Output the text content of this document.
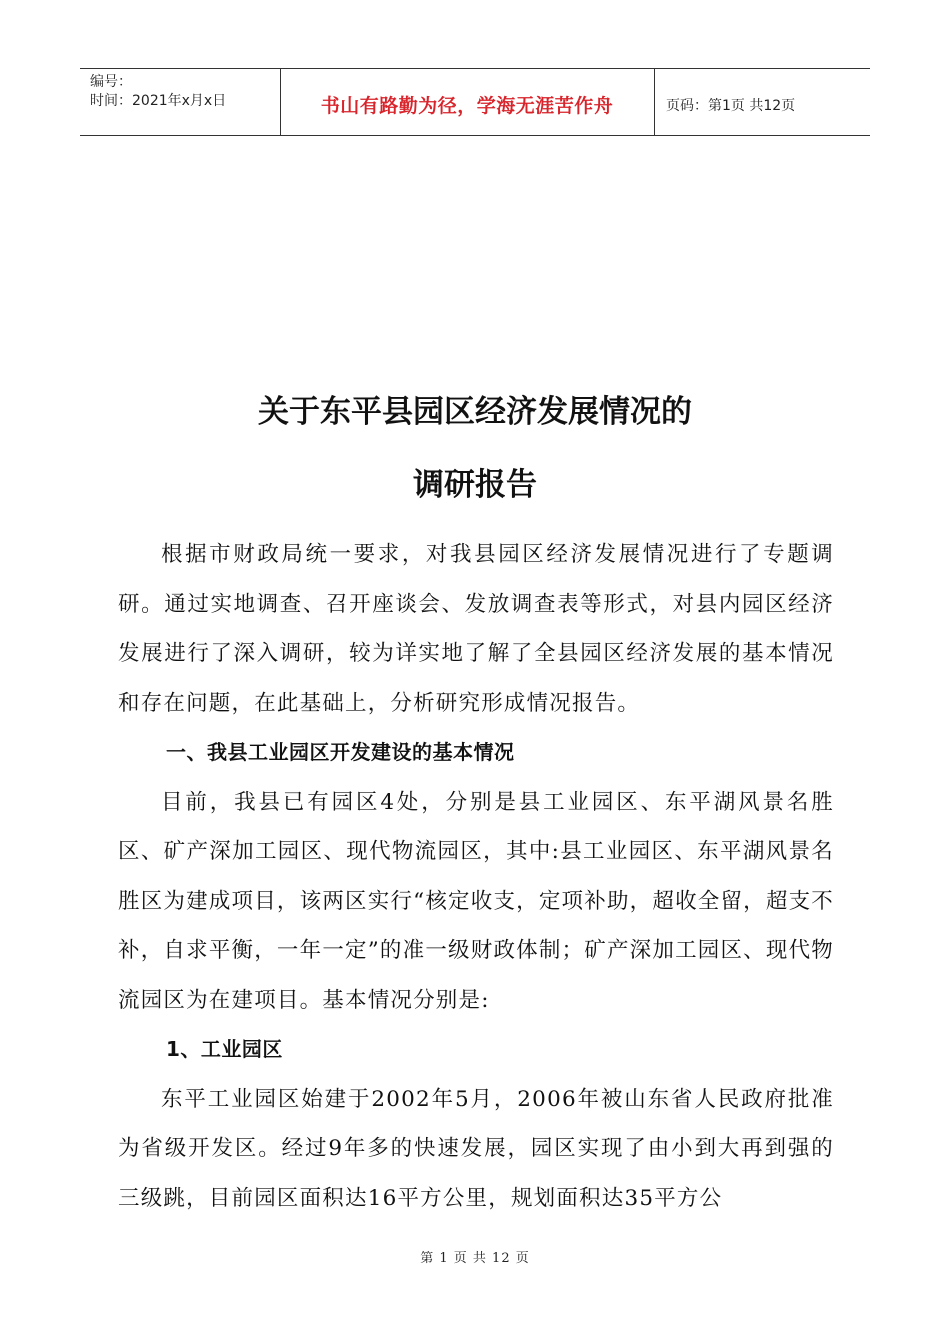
编号：
时间：2021年x月x日	书山有路勤为径，学海无涯苦作舟	页码：第1页 共12页
关于东平县园区经济发展情况的
调研报告

根据市财政局统一要求，对我县园区经济发展情况进行了专题调研。通过实地调查、召开座谈会、发放调查表等形式，对县内园区经济发展进行了深入调研，较为详实地了解了全县园区经济发展的基本情况和存在问题，在此基础上，分析研究形成情况报告。

一、我县工业园区开发建设的基本情况

目前，我县已有园区4处，分别是县工业园区、东平湖风景名胜区、矿产深加工园区、现代物流园区，其中:县工业园区、东平湖风景名胜区为建成项目，该两区实行“核定收支，定项补助，超收全留，超支不补，自求平衡，一年一定”的准一级财政体制；矿产深加工园区、现代物流园区为在建项目。基本情况分别是:

1、工业园区

东平工业园区始建于2002年5月，2006年被山东省人民政府批准为省级开发区。经过9年多的快速发展，园区实现了由小到大再到强的三级跳，目前园区面积达16平方公里，规划面积达35平方公

第 1 页 共 12 页
